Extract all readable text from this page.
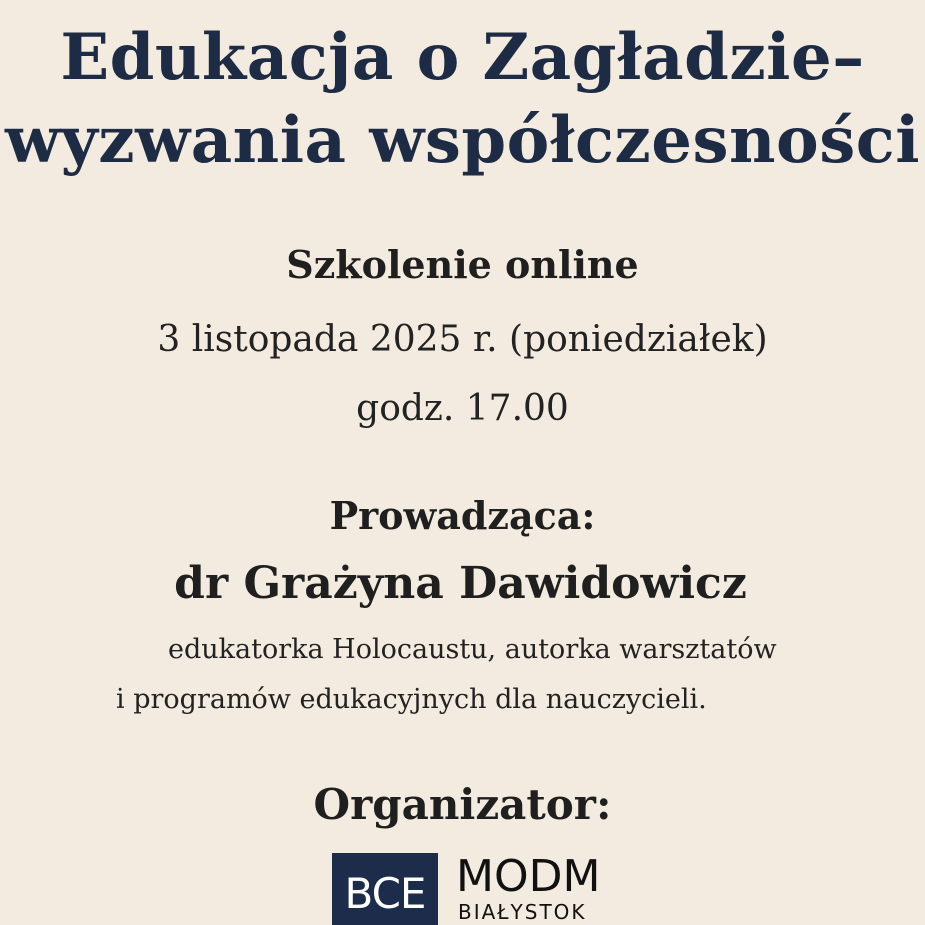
Edukacja o Zagładzie–
wyzwania współczesności
Szkolenie online
3 listopada 2025 r. (poniedziałek)
godz. 17.00
Prowadząca:
dr Grażyna Dawidowicz
edukatorka Holocaustu, autorka warsztatów
i programów edukacyjnych dla nauczycieli.
Organizator:
BCE MODM
BIAŁYSTOK
